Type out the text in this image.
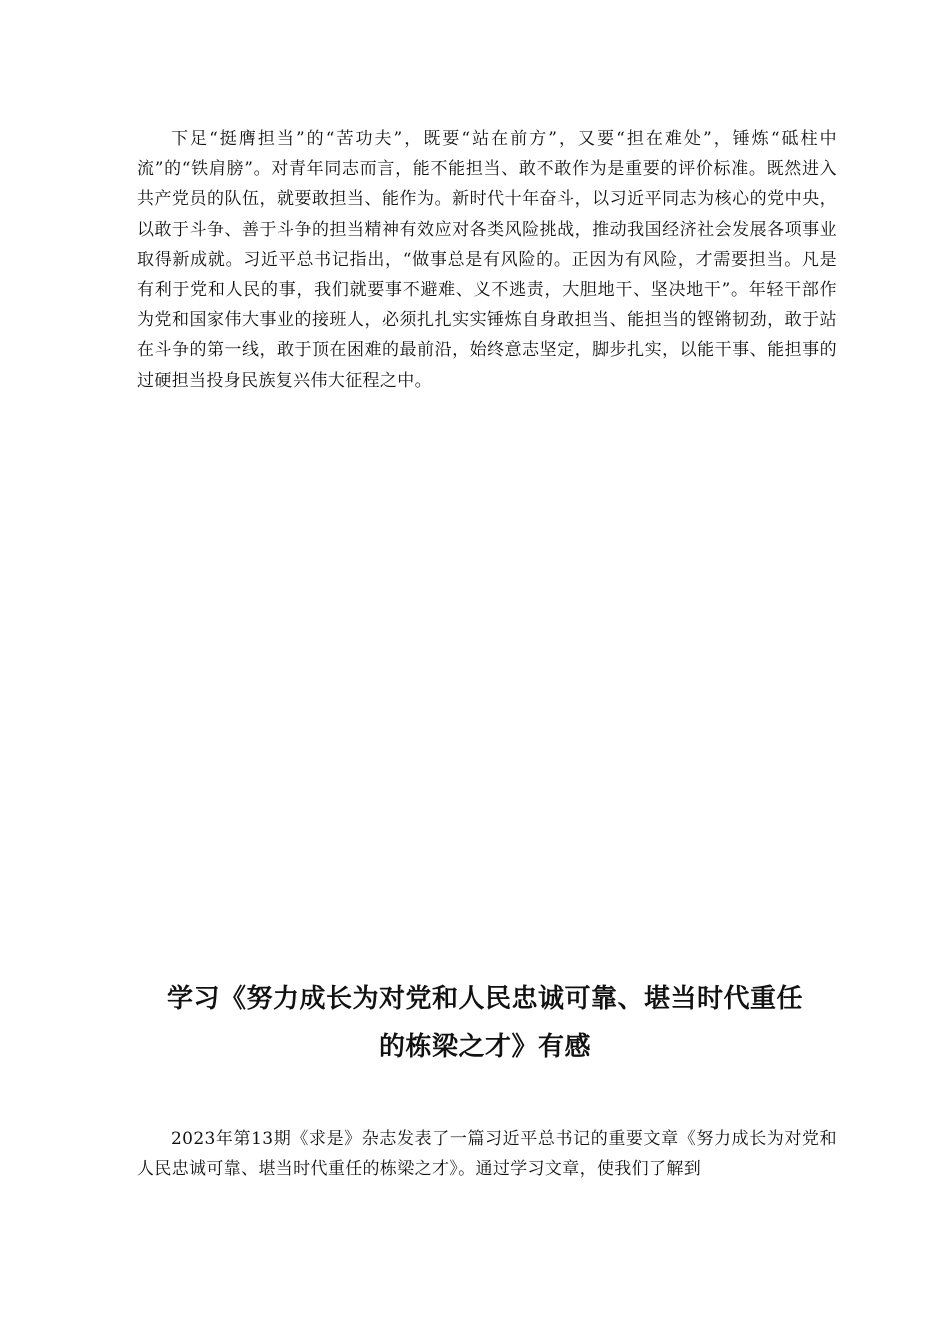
下足“挺膺担当”的“苦功夫”，既要“站在前方”，又要“担在难处”，锤炼“砥柱中流”的“铁肩膀”。对青年同志而言，能不能担当、敢不敢作为是重要的评价标准。既然进入共产党员的队伍，就要敢担当、能作为。新时代十年奋斗，以习近平同志为核心的党中央，以敢于斗争、善于斗争的担当精神有效应对各类风险挑战，推动我国经济社会发展各项事业取得新成就。习近平总书记指出，“做事总是有风险的。正因为有风险，才需要担当。凡是有利于党和人民的事，我们就要事不避难、义不逃责，大胆地干、坚决地干”。年轻干部作为党和国家伟大事业的接班人，必须扎扎实实锤炼自身敢担当、能担当的铿锵韧劲，敢于站在斗争的第一线，敢于顶在困难的最前沿，始终意志坚定，脚步扎实，以能干事、能担事的过硬担当投身民族复兴伟大征程之中。

学习《努力成长为对党和人民忠诚可靠、堪当时代重任
的栋梁之才》有感

2023年第13期《求是》杂志发表了一篇习近平总书记的重要文章《努力成长为对党和人民忠诚可靠、堪当时代重任的栋梁之才》。通过学习文章，使我们了解到
